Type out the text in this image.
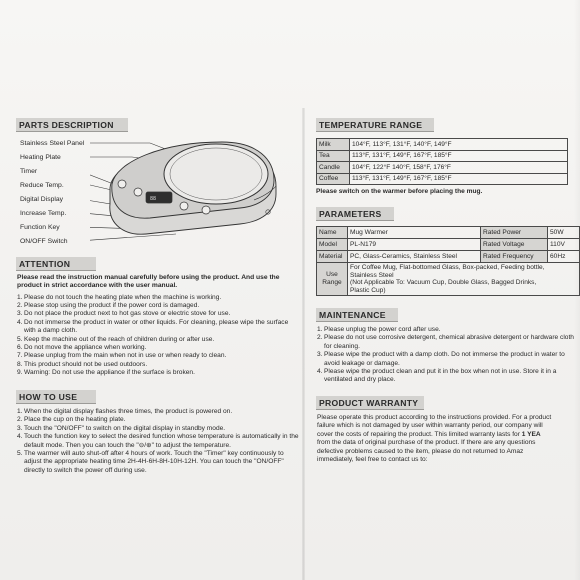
PARTS DESCRIPTION
Stainless Steel Panel
Heating Plate
Timer
Reduce Temp.
Digital Display
Increase Temp.
Function Key
ON/OFF Switch
88
ATTENTION

Please read the instruction manual carefully before using the product. And use the product in strict accordance with the user manual.

1. Please do not touch the heating plate when the machine is working.
2. Please stop using the product if the power cord is damaged.
3. Do not place the product next to hot gas stove or electric stove for use.
4. Do not immerse the product in water or other liquids. For cleaning, please wipe the surface with a damp cloth.
5. Keep the machine out of the reach of children during or after use.
6. Do not move the appliance when working.
7. Please unplug from the main when not in use or when ready to clean.
8. This product should not be used outdoors.
9. Warning: Do not use the appliance if the surface is broken.
HOW TO USE
1. When the digital display flashes three times, the product is powered on.
2. Place the cup on the heating plate.
3. Touch the "ON/OFF" to switch on the digital display in standby mode.
4. Touch the function key to select the desired function whose temperature is automatically in the default mode. Then you can touch the "⊖/⊕" to adjust the temperature.
5. The warmer will auto shut-off after 4 hours of work. Touch the "Timer" key continuously to adjust the appropriate heating time 2H-4H-6H-8H-10H-12H. You can touch the "ON/OFF" directly to switch the power off during use.
TEMPERATURE RANGE
Milk	104°F, 113°F, 131°F, 140°F, 149°F
Tea	113°F, 131°F, 149°F, 167°F, 185°F
Candle	104°F, 122°F 140°F, 158°F, 176°F
Coffee	113°F, 131°F, 149°F, 167°F, 185°F
Please switch on the warmer before placing the mug.
PARAMETERS
Name	Mug Warmer	Rated Power	50W
Model	PL-N179	Rated Voltage	110V
Material	PC, Glass-Ceramics, Stainless Steel	Rated Frequency	60Hz
Use Range	For Coffee Mug, Flat-bottomed Glass, Box-packed, Feeding bottle,
Stainless Steel
(Not Applicable To: Vacuum Cup, Double Glass, Bagged Drinks,
Plastic Cup)		
MAINTENANCE
1. Please unplug the power cord after use.
2. Please do not use corrosive detergent, chemical abrasive detergent or hardware cloth for cleaning.
3. Please wipe the product with a damp cloth. Do not immerse the product in water to avoid leakage or damage.
4. Please wipe the product clean and put it in the box when not in use. Store it in a ventilated and dry place.
PRODUCT WARRANTY

Please operate this product according to the instructions provided. For a product

failure which is not damaged by user within warranty period, our company will

cover the costs of repairing the product. This limited warranty lasts for 1 YEA

from the data of original purchase of the product. If there are any questions

defective problems caused to the item, please do not returned to Amaz

immediately, feel free to contact us to:
